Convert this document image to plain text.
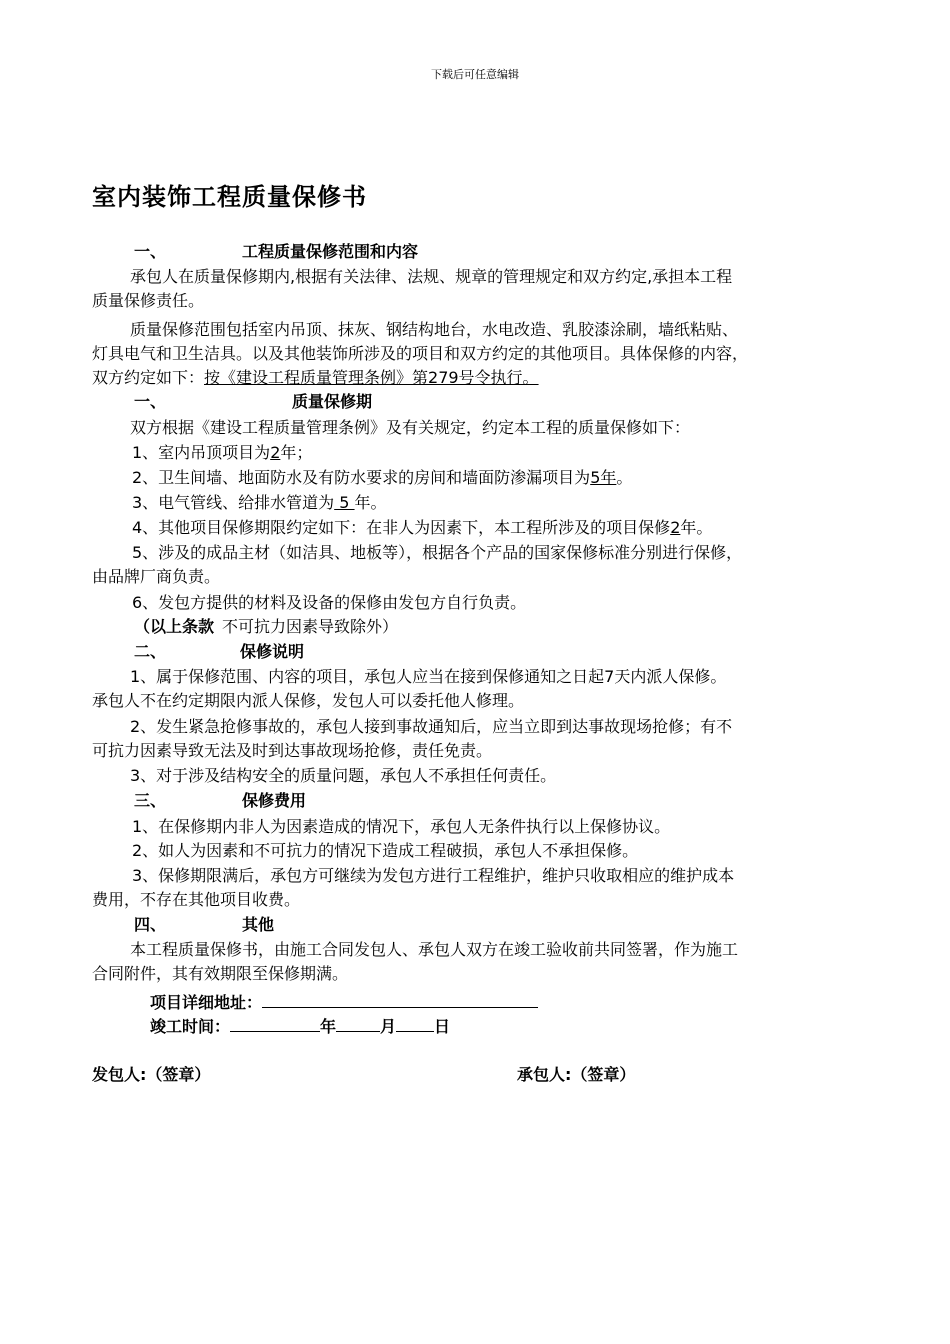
下载后可任意编辑
室内装饰工程质量保修书
一、	工程质量保修范围和内容
承包人在质量保修期内,根据有关法律、法规、规章的管理规定和双方约定,承担本工程
质量保修责任。
质量保修范围包括室内吊顶、抹灰、钢结构地台，水电改造、乳胶漆涂刷，墙纸粘贴、
灯具电气和卫生洁具。以及其他装饰所涉及的项目和双方约定的其他项目。具体保修的内容，
双方约定如下：按《建设工程质量管理条例》第279号令执行。
一、	质量保修期
双方根据《建设工程质量管理条例》及有关规定，约定本工程的质量保修如下：
1、室内吊顶项目为2年；
2、卫生间墙、地面防水及有防水要求的房间和墙面防渗漏项目为5年。
3、电气管线、给排水管道为 5 年。
4、其他项目保修期限约定如下：在非人为因素下，本工程所涉及的项目保修2年。
5、涉及的成品主材（如洁具、地板等），根据各个产品的国家保修标准分别进行保修，
由品牌厂商负责。
6、发包方提供的材料及设备的保修由发包方自行负责。
（以上条款 不可抗力因素导致除外）
二、	保修说明
1、属于保修范围、内容的项目，承包人应当在接到保修通知之日起7天内派人保修。
承包人不在约定期限内派人保修，发包人可以委托他人修理。
2、发生紧急抢修事故的，承包人接到事故通知后，应当立即到达事故现场抢修；有不
可抗力因素导致无法及时到达事故现场抢修，责任免责。
3、对于涉及结构安全的质量问题，承包人不承担任何责任。
三、	保修费用
1、在保修期内非人为因素造成的情况下，承包人无条件执行以上保修协议。
2、如人为因素和不可抗力的情况下造成工程破损，承包人不承担保修。
3、保修期限满后，承包方可继续为发包方进行工程维护，维护只收取相应的维护成本
费用，不存在其他项目收费。
四、	其他
本工程质量保修书，由施工合同发包人、承包人双方在竣工验收前共同签署，作为施工
合同附件，其有效期限至保修期满。
项目详细地址：
竣工时间：	年	月 日
发包人:（签章）	承包人:（签章）
